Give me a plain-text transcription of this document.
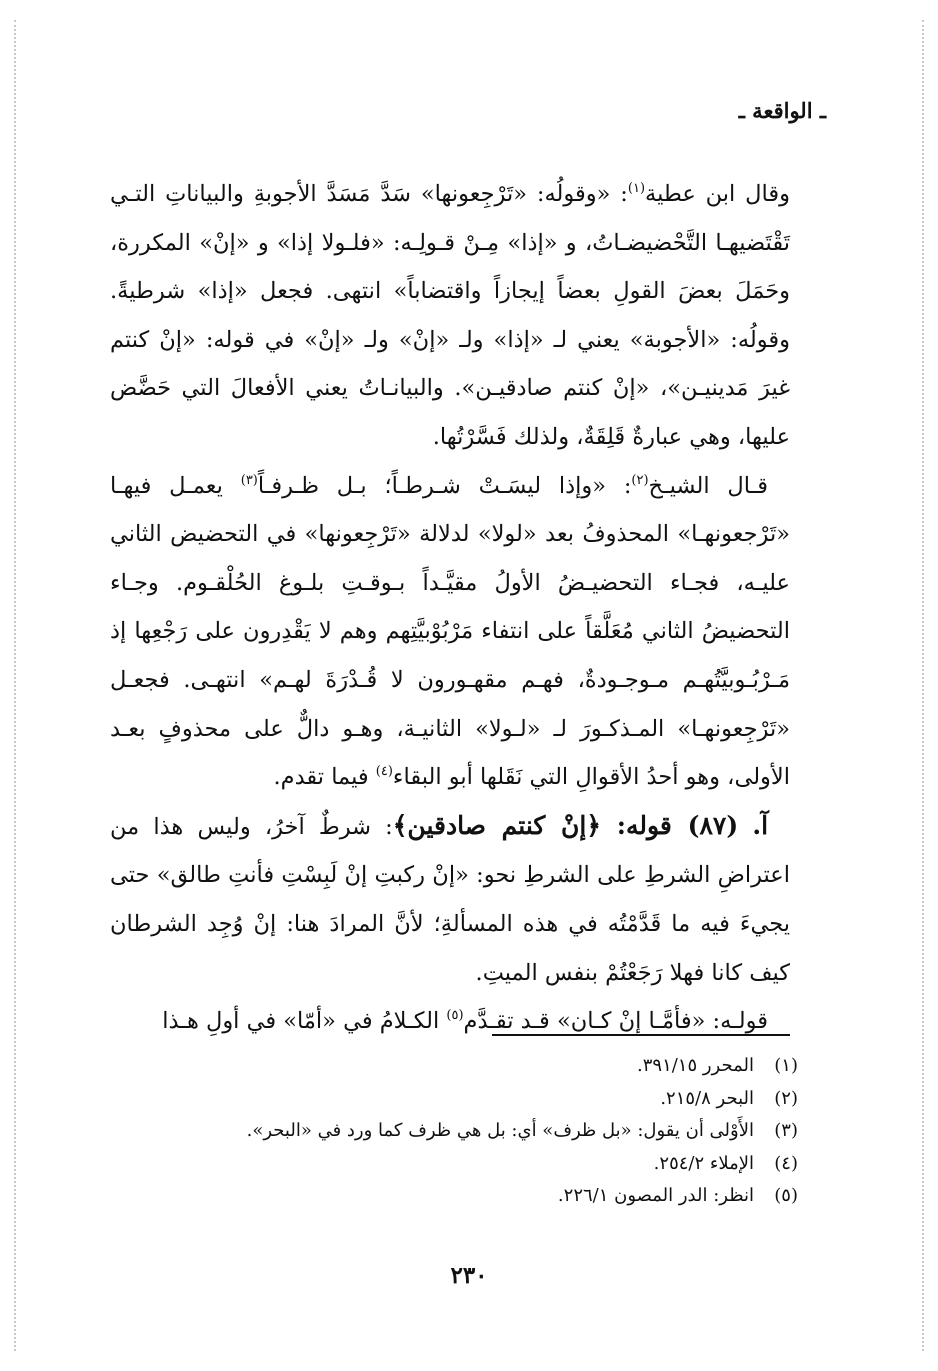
ـ الواقعة ـ

وقال ابن عطية$^{(١)}$: «وقولُه: «تَرْجِعونها» سَدَّ مَسَدَّ الأجوبةِ والبياناتِ التـي تَقْتَضيهـا التَّحْضيضـاتُ، و «إذا» مِـنْ قـولِـه: «فلـولا إذا» و «إنْ» المكررة، وحَمَلَ بعضَ القولِ بعضاً إيجازاً واقتضاباً» انتهى. فجعل «إذا» شرطيةً. وقولُه: «الأجوبة» يعني لـ «إذا» ولـ «إنْ» ولـ «إنْ» في قوله: «إنْ كنتم غيرَ مَدينيـن»، «إنْ كنتم صادقيـن». والبيانـاتُ يعني الأفعالَ التي حَضَّض عليها، وهي عبارةٌ قَلِقَةٌ، ولذلك فَسَّرْتُها.

قـال الشيـخ$^{(٢)}$: «وإذا ليسَـتْ شـرطـاً؛ بـل ظـرفـاً$^{(٣)}$ يعمـل فيهـا «تَرْجعونهـا» المحذوفُ بعد «لولا» لدلالة «تَرْجِعونها» في التحضيض الثاني عليـه، فجـاء التحضيـضُ الأولُ مقيَّـداً بـوقـتِ بلـوغ الحُلْقـوم. وجـاء التحضيضُ الثاني مُعَلَّقاً على انتفاء مَرْبُوْبيَّتِهم وهم لا يَقْدِرون على رَجْعِها إذ مَـرْبُـوبيَّتُهـم مـوجـودةٌ، فهـم مقهـورون لا قُـدْرَةَ لهـم» انتهـى. فجعـل «تَرْجِعونهـا» المـذكـورَ لـ «لـولا» الثانيـة، وهـو دالٌّ على محذوفٍ بعـد الأولى، وهو أحدُ الأقوالِ التي نَقَلها أبو البقاء$^{(٤)}$ فيما تقدم.

آ. (٨٧) قوله: ﴿إنْ كنتم صادقين﴾: شرطٌ آخرُ، وليس هذا من اعتراضِ الشرطِ على الشرطِ نحو: «إنْ ركبتِ إنْ لَبِسْتِ فأنتِ طالق» حتى يجيءَ فيه ما قَدَّمْتُه في هذه المسألةِ؛ لأنَّ المرادَ هنا: إنْ وُجِد الشرطان كيف كانا فهلا رَجَعْتُمْ بنفس الميتِ.

قولـه: «فأمَّـا إنْ كـان» قـد تقـدَّم$^{(٥)}$ الكـلامُ في «أمّا» في أولِ هـذا

(١)المحرر ٣٩١/١٥.
(٢)البحر ٢١٥/٨.
(٣)الأَوْلى أن يقول: «بل ظرف» أي: بل هي ظرف كما ورد في «البحر».
(٤)الإملاء ٢٥٤/٢.
(٥)انظر: الدر المصون ٢٢٦/١.
٢٣٠
